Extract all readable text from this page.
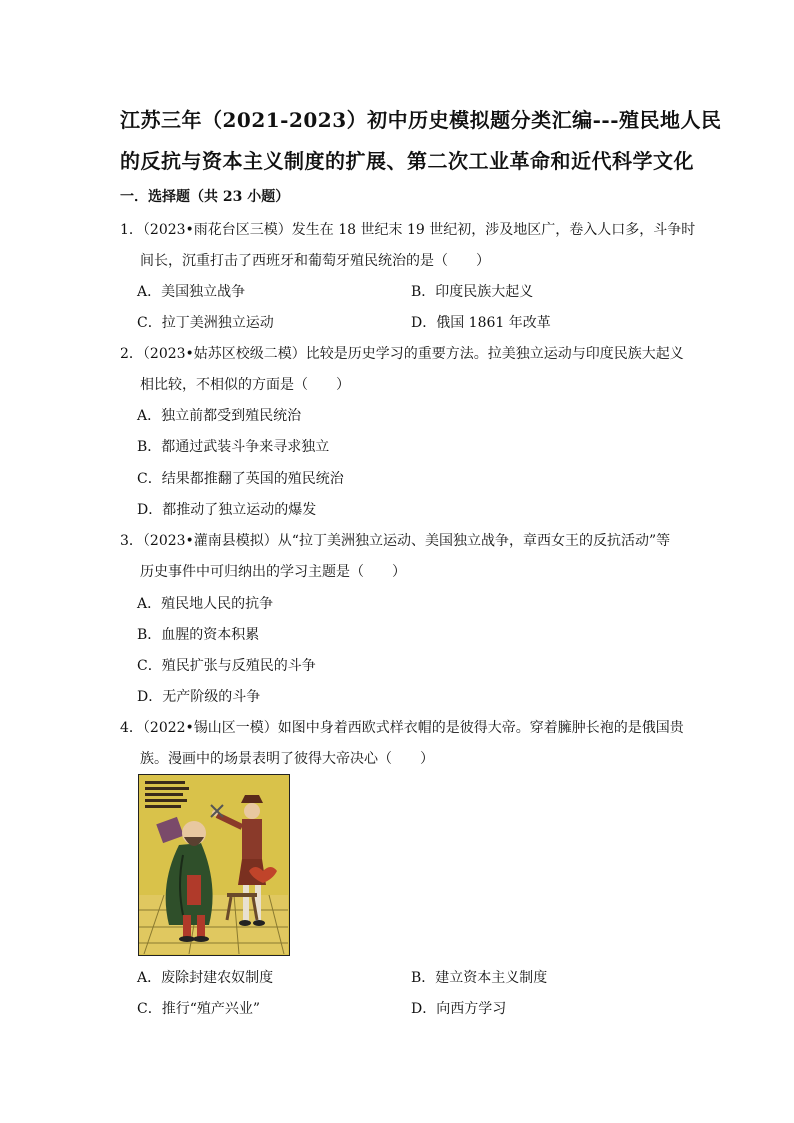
江苏三年（2021-2023）初中历史模拟题分类汇编---殖民地人民
的反抗与资本主义制度的扩展、第二次工业革命和近代科学文化
一．选择题（共 23 小题）
1．（2023•雨花台区三模）发生在 18 世纪末 19 世纪初，涉及地区广，卷入人口多，斗争时
间长，沉重打击了西班牙和葡萄牙殖民统治的是（　　）
A．美国独立战争	B．印度民族大起义
C．拉丁美洲独立运动	D．俄国 1861 年改革
2．（2023•姑苏区校级二模）比较是历史学习的重要方法。拉美独立运动与印度民族大起义
相比较，不相似的方面是（　　）
A．独立前都受到殖民统治
B．都通过武装斗争来寻求独立
C．结果都推翻了英国的殖民统治
D．都推动了独立运动的爆发
3．（2023•灌南县模拟）从“拉丁美洲独立运动、美国独立战争，章西女王的反抗活动”等
历史事件中可归纳出的学习主题是（　　）
A．殖民地人民的抗争
B．血腥的资本积累
C．殖民扩张与反殖民的斗争
D．无产阶级的斗争
4．（2022•锡山区一模）如图中身着西欧式样衣帽的是彼得大帝。穿着臃肿长袍的是俄国贵
族。漫画中的场景表明了彼得大帝决心（　　）
A．废除封建农奴制度	B．建立资本主义制度
C．推行“殖产兴业”	D．向西方学习
